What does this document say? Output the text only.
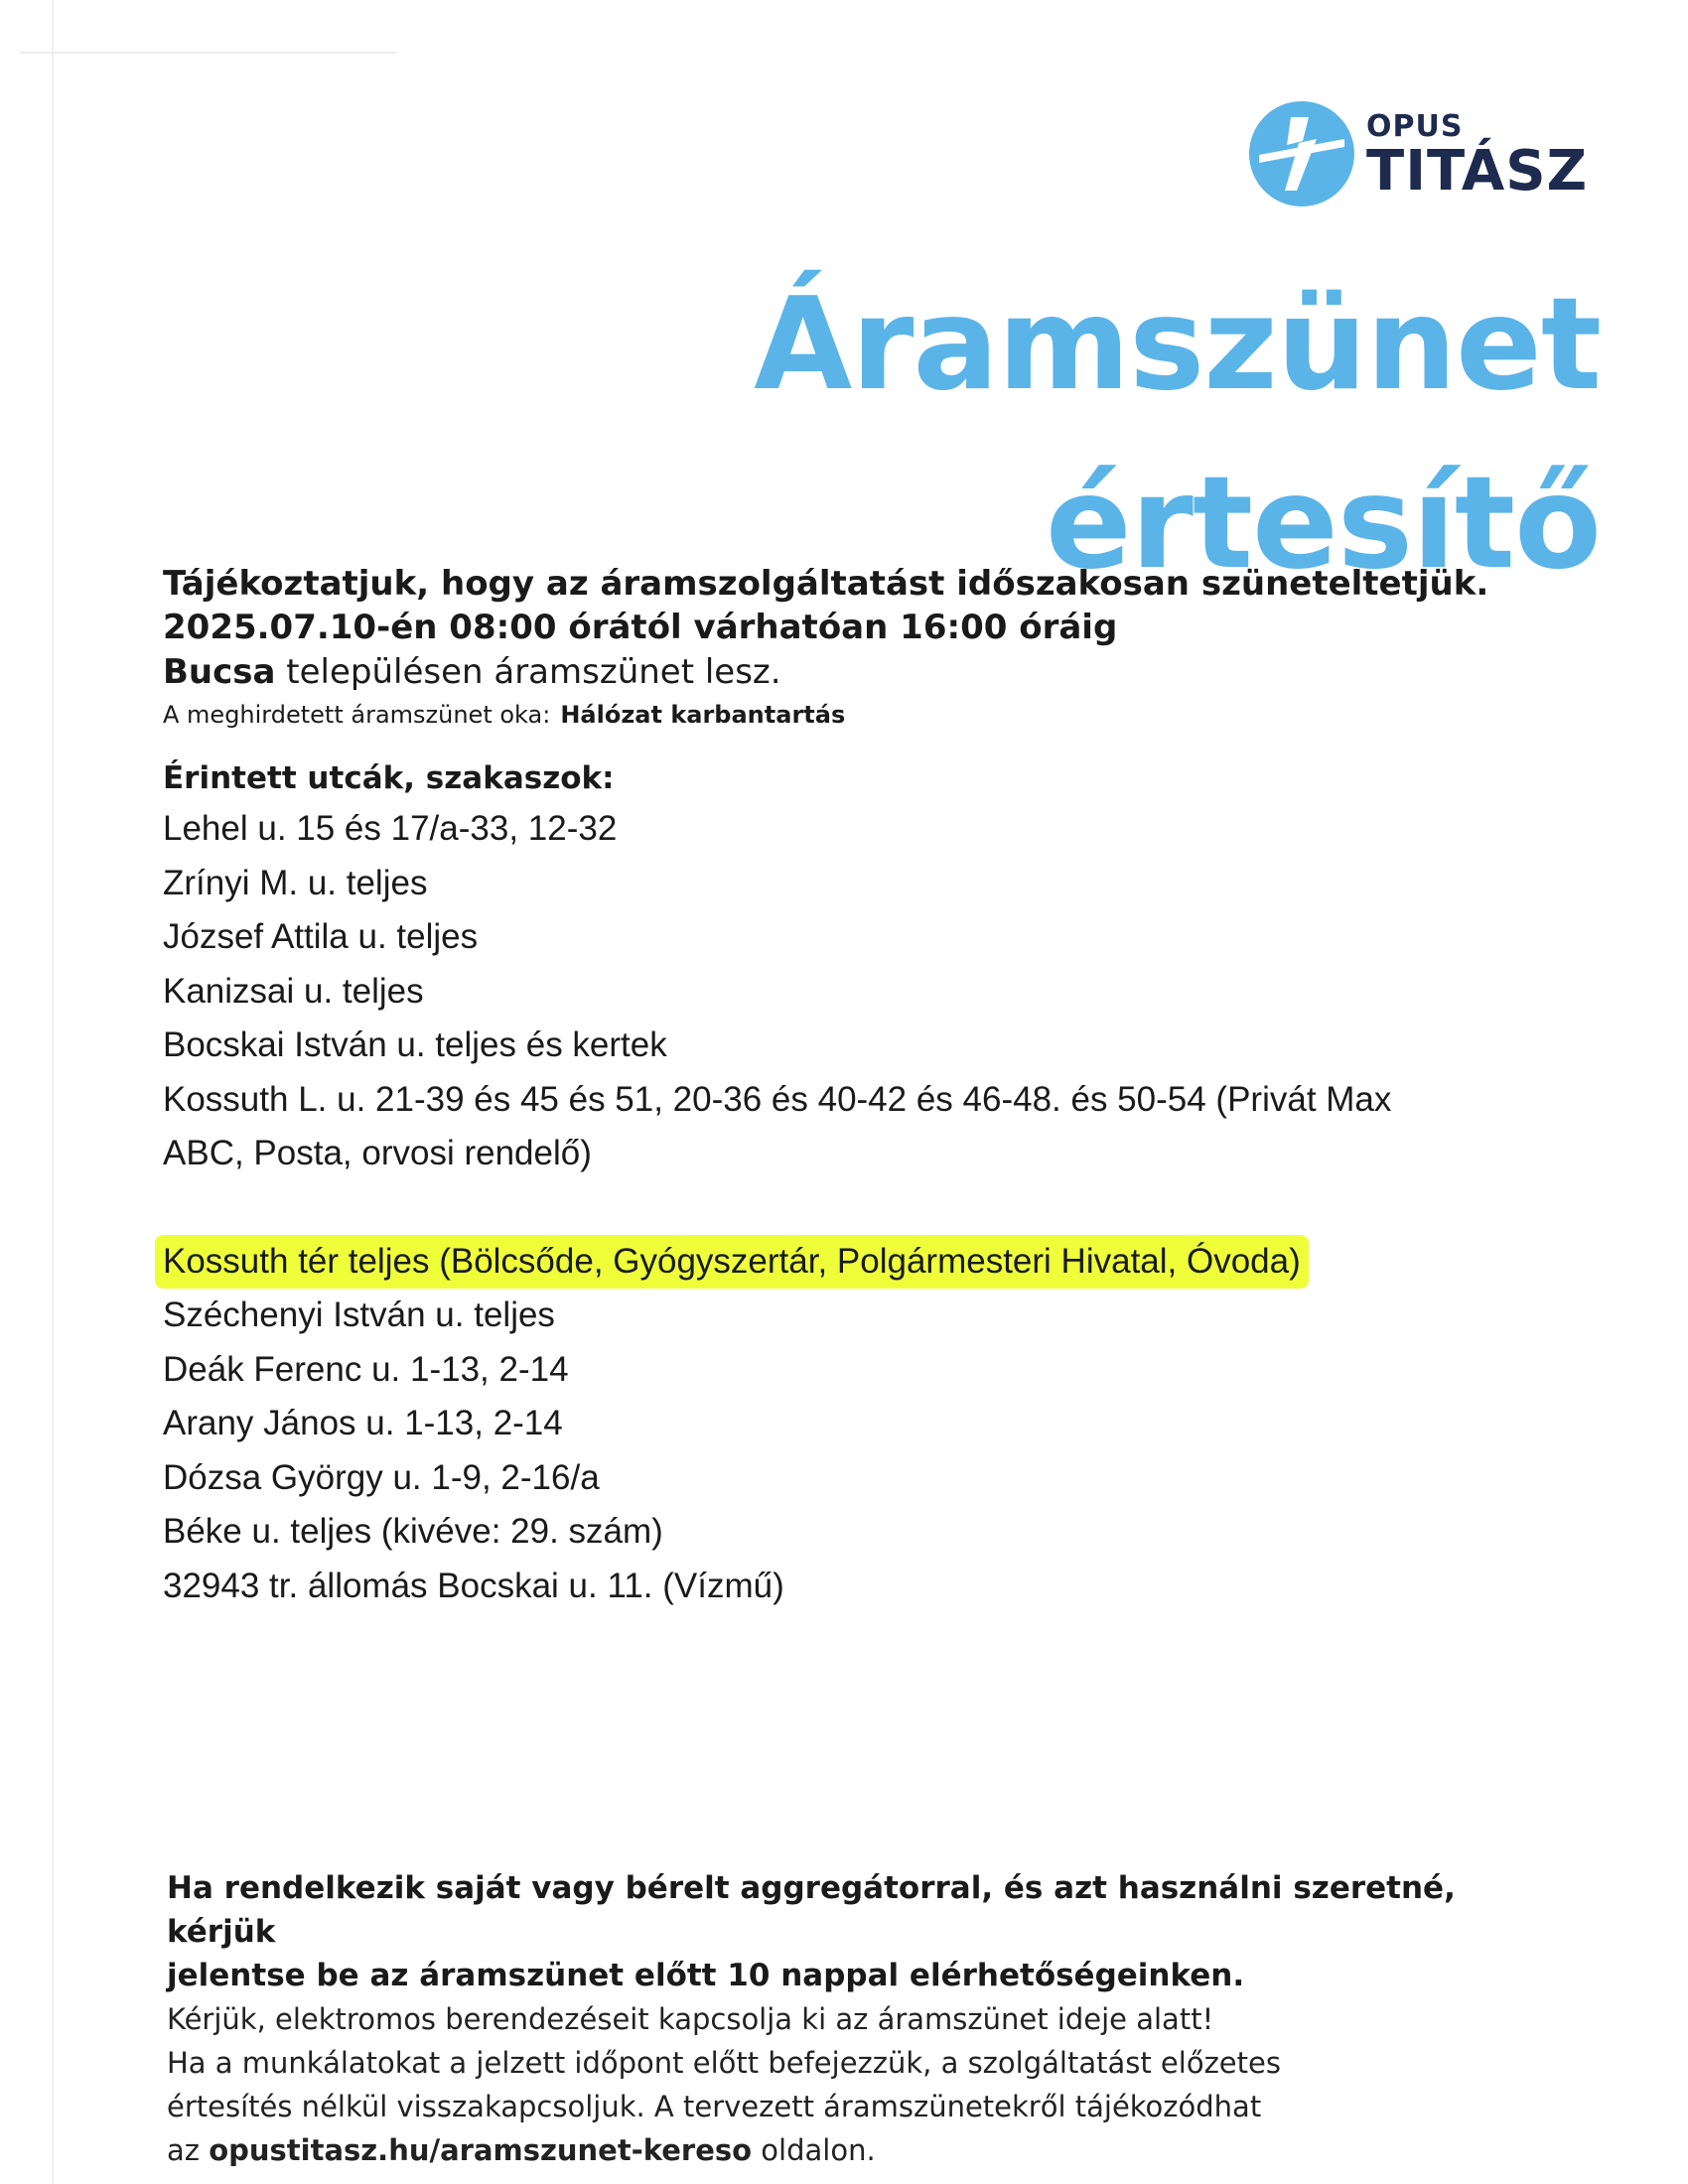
OPUS
TITÁSZ
Áramszünet
értesítő
Tájékoztatjuk, hogy az áramszolgáltatást időszakosan szüneteltetjük.
2025.07.10-én 08:00 órától várhatóan 16:00 óráig
Bucsa településen áramszünet lesz.
A meghirdetett áramszünet oka: Hálózat karbantartás
Érintett utcák, szakaszok:
Lehel u. 15 és 17/a-33, 12-32
Zrínyi M. u. teljes
József Attila u. teljes
Kanizsai u. teljes
Bocskai István u. teljes és kertek
Kossuth L. u. 21-39 és 45 és 51, 20-36 és 40-42 és 46-48. és 50-54 (Privát Max
ABC, Posta, orvosi rendelő)
Kossuth tér teljes (Bölcsőde, Gyógyszertár, Polgármesteri Hivatal, Óvoda)
Széchenyi István u. teljes
Deák Ferenc u. 1-13, 2-14
Arany János u. 1-13, 2-14
Dózsa György u. 1-9, 2-16/a
Béke u. teljes (kivéve: 29. szám)
32943 tr. állomás Bocskai u. 11. (Vízmű)
Ha rendelkezik saját vagy bérelt aggregátorral, és azt használni szeretné, kérjük
jelentse be az áramszünet előtt 10 nappal elérhetőségeinken.
Kérjük, elektromos berendezéseit kapcsolja ki az áramszünet ideje alatt!
Ha a munkálatokat a jelzett időpont előtt befejezzük, a szolgáltatást előzetes
értesítés nélkül visszakapcsoljuk. A tervezett áramszünetekről tájékozódhat
az opustitasz.hu/aramszunet-kereso oldalon.
